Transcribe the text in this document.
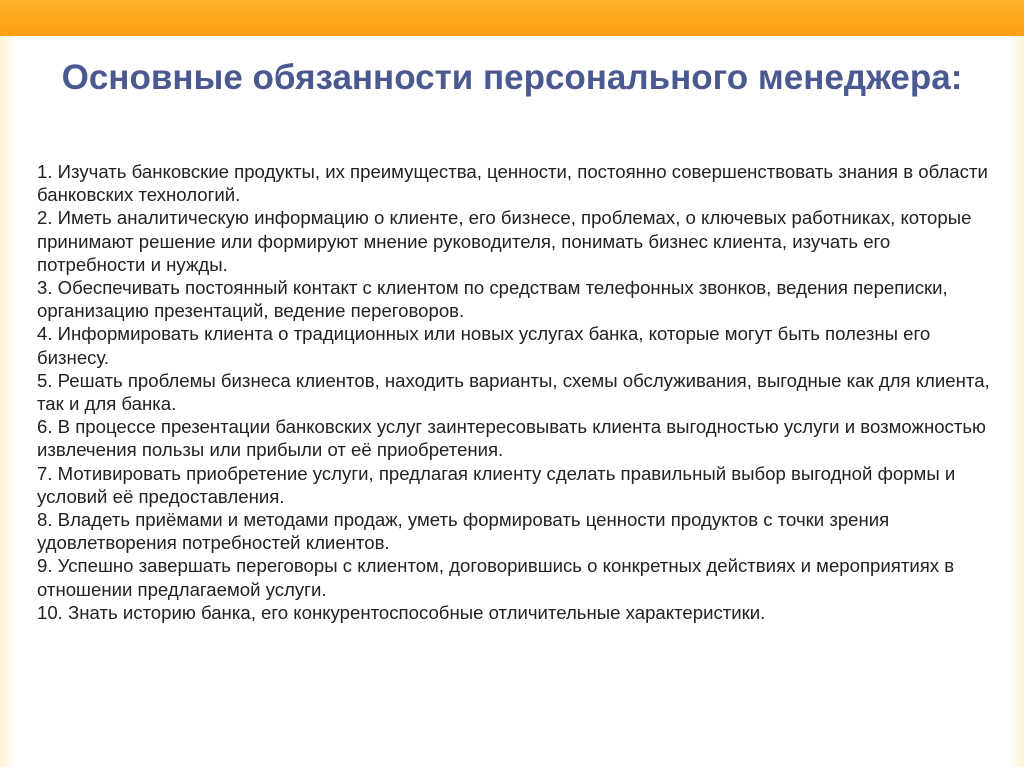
Основные обязанности персонального менеджера:
1. Изучать банковские продукты, их преимущества, ценности, постоянно совершенствовать знания в области банковских технологий.
2. Иметь аналитическую информацию о клиенте, его бизнесе, проблемах, о ключевых работниках, которые принимают решение или формируют мнение руководителя, понимать бизнес клиента, изучать его потребности и нужды.
3. Обеспечивать постоянный контакт с клиентом по средствам телефонных звонков, ведения переписки, организацию презентаций, ведение переговоров.
4. Информировать клиента о традиционных или новых услугах банка, которые могут быть полезны его бизнесу.
5. Решать проблемы бизнеса клиентов, находить варианты, схемы обслуживания, выгодные как для клиента, так и для банка.
6. В процессе презентации банковских услуг заинтересовывать клиента выгодностью услуги и возможностью извлечения пользы или прибыли от её приобретения.
7. Мотивировать приобретение услуги, предлагая клиенту сделать правильный выбор выгодной формы и условий её предоставления.
8. Владеть приёмами и методами продаж, уметь формировать ценности продуктов с точки зрения удовлетворения потребностей клиентов.
9. Успешно завершать переговоры с клиентом, договорившись о конкретных действиях и мероприятиях в отношении предлагаемой услуги.
10. Знать историю банка, его конкурентоспособные отличительные характеристики.
